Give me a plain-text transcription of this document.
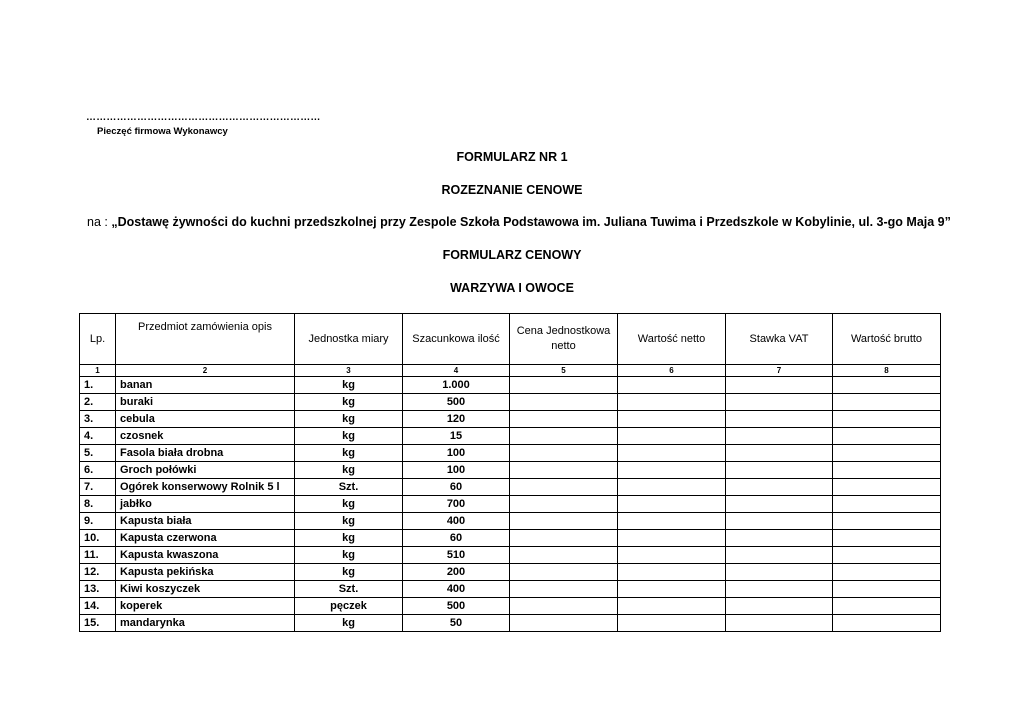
……………………………………………………………
Pieczęć firmowa Wykonawcy
FORMULARZ NR 1
ROZEZNANIE CENOWE
na : „Dostawę żywności do kuchni przedszkolnej przy Zespole Szkoła Podstawowa im. Juliana Tuwima i Przedszkole w Kobylinie, ul. 3-go Maja 9”
FORMULARZ CENOWY
WARZYWA I OWOCE
Lp.	Przedmiot zamówienia opis	Jednostka miary	Szacunkowa ilość	Cena Jednostkowa netto	Wartość netto	Stawka VAT	Wartość brutto
1	2	3	4	5	6	7	8
1.	banan	kg	1.000				
2.	buraki	kg	500				
3.	cebula	kg	120				
4.	czosnek	kg	15				
5.	Fasola biała drobna	kg	100				
6.	Groch połówki	kg	100				
7.	Ogórek konserwowy Rolnik 5 l	Szt.	60				
8.	jabłko	kg	700				
9.	Kapusta biała	kg	400				
10.	Kapusta czerwona	kg	60				
11.	Kapusta kwaszona	kg	510				
12.	Kapusta pekińska	kg	200				
13.	Kiwi koszyczek	Szt.	400				
14.	koperek	pęczek	500				
15.	mandarynka	kg	50				
